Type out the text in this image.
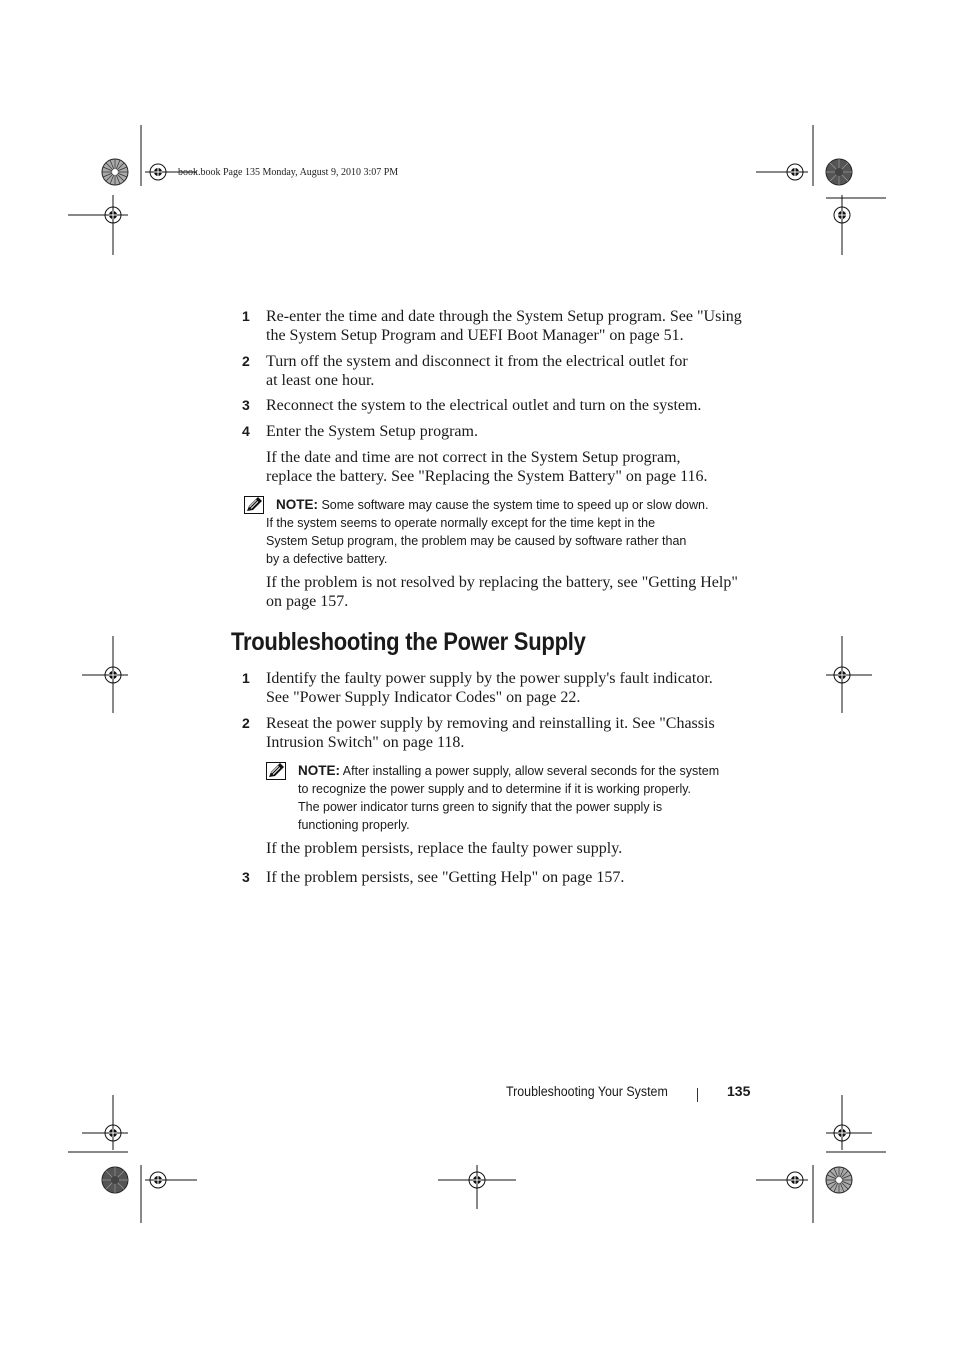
book.book Page 135 Monday, August 9, 2010 3:07 PM
1 Re-enter the time and date through the System Setup program. See "Using
the System Setup Program and UEFI Boot Manager" on page 51.
2 Turn off the system and disconnect it from the electrical outlet for
at least one hour.
3 Reconnect the system to the electrical outlet and turn on the system.
4 Enter the System Setup program.
If the date and time are not correct in the System Setup program,
replace the battery. See "Replacing the System Battery" on page 116.
NOTE: Some software may cause the system time to speed up or slow down.
If the system seems to operate normally except for the time kept in the
System Setup program, the problem may be caused by software rather than
by a defective battery.
If the problem is not resolved by replacing the battery, see "Getting Help"
on page 157.
Troubleshooting the Power Supply
1 Identify the faulty power supply by the power supply's fault indicator.
See "Power Supply Indicator Codes" on page 22.
2 Reseat the power supply by removing and reinstalling it. See "Chassis
Intrusion Switch" on page 118.
NOTE: After installing a power supply, allow several seconds for the system
to recognize the power supply and to determine if it is working properly.
The power indicator turns green to signify that the power supply is
functioning properly.
If the problem persists, replace the faulty power supply.
3 If the problem persists, see "Getting Help" on page 157.
Troubleshooting Your System	135
